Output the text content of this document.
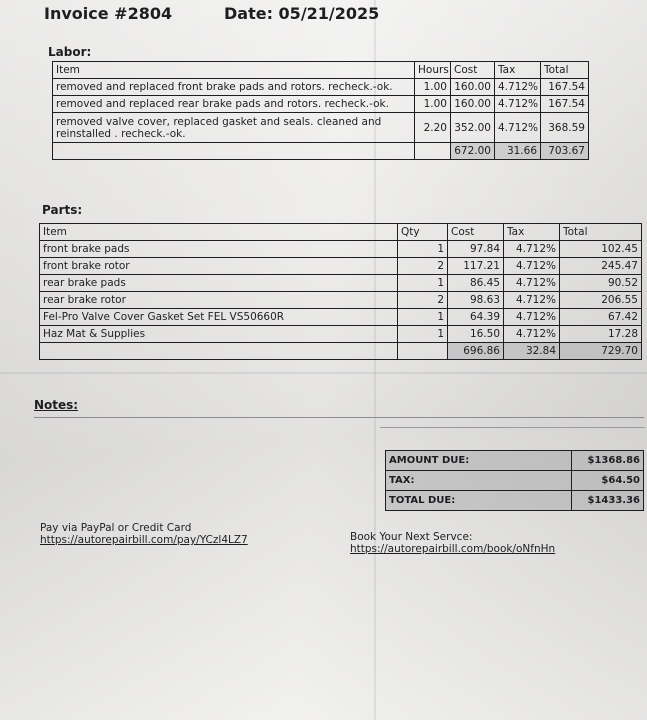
Invoice #2804	Date: 05/21/2025
Labor:
Item	Hours	Cost	Tax	Total
removed and replaced front brake pads and rotors. recheck.-ok.	1.00	160.00	4.712%	167.54
removed and replaced rear brake pads and rotors. recheck.-ok.	1.00	160.00	4.712%	167.54
removed valve cover, replaced gasket and seals. cleaned and reinstalled . recheck.-ok.	2.20	352.00	4.712%	368.59
		672.00	31.66	703.67
Parts:
Item	Qty	Cost	Tax	Total
front brake pads	1	97.84	4.712%	102.45
front brake rotor	2	117.21	4.712%	245.47
rear brake pads	1	86.45	4.712%	90.52
rear brake rotor	2	98.63	4.712%	206.55
Fel-Pro Valve Cover Gasket Set FEL VS50660R	1	64.39	4.712%	67.42
Haz Mat & Supplies	1	16.50	4.712%	17.28
		696.86	32.84	729.70
Notes:
AMOUNT DUE:	$1368.86
TAX:	$64.50
TOTAL DUE:	$1433.36
Pay via PayPal or Credit Card
https://autorepairbill.com/pay/YCzl4LZ7	Book Your Next Servce:
https://autorepairbill.com/book/oNfnHn
